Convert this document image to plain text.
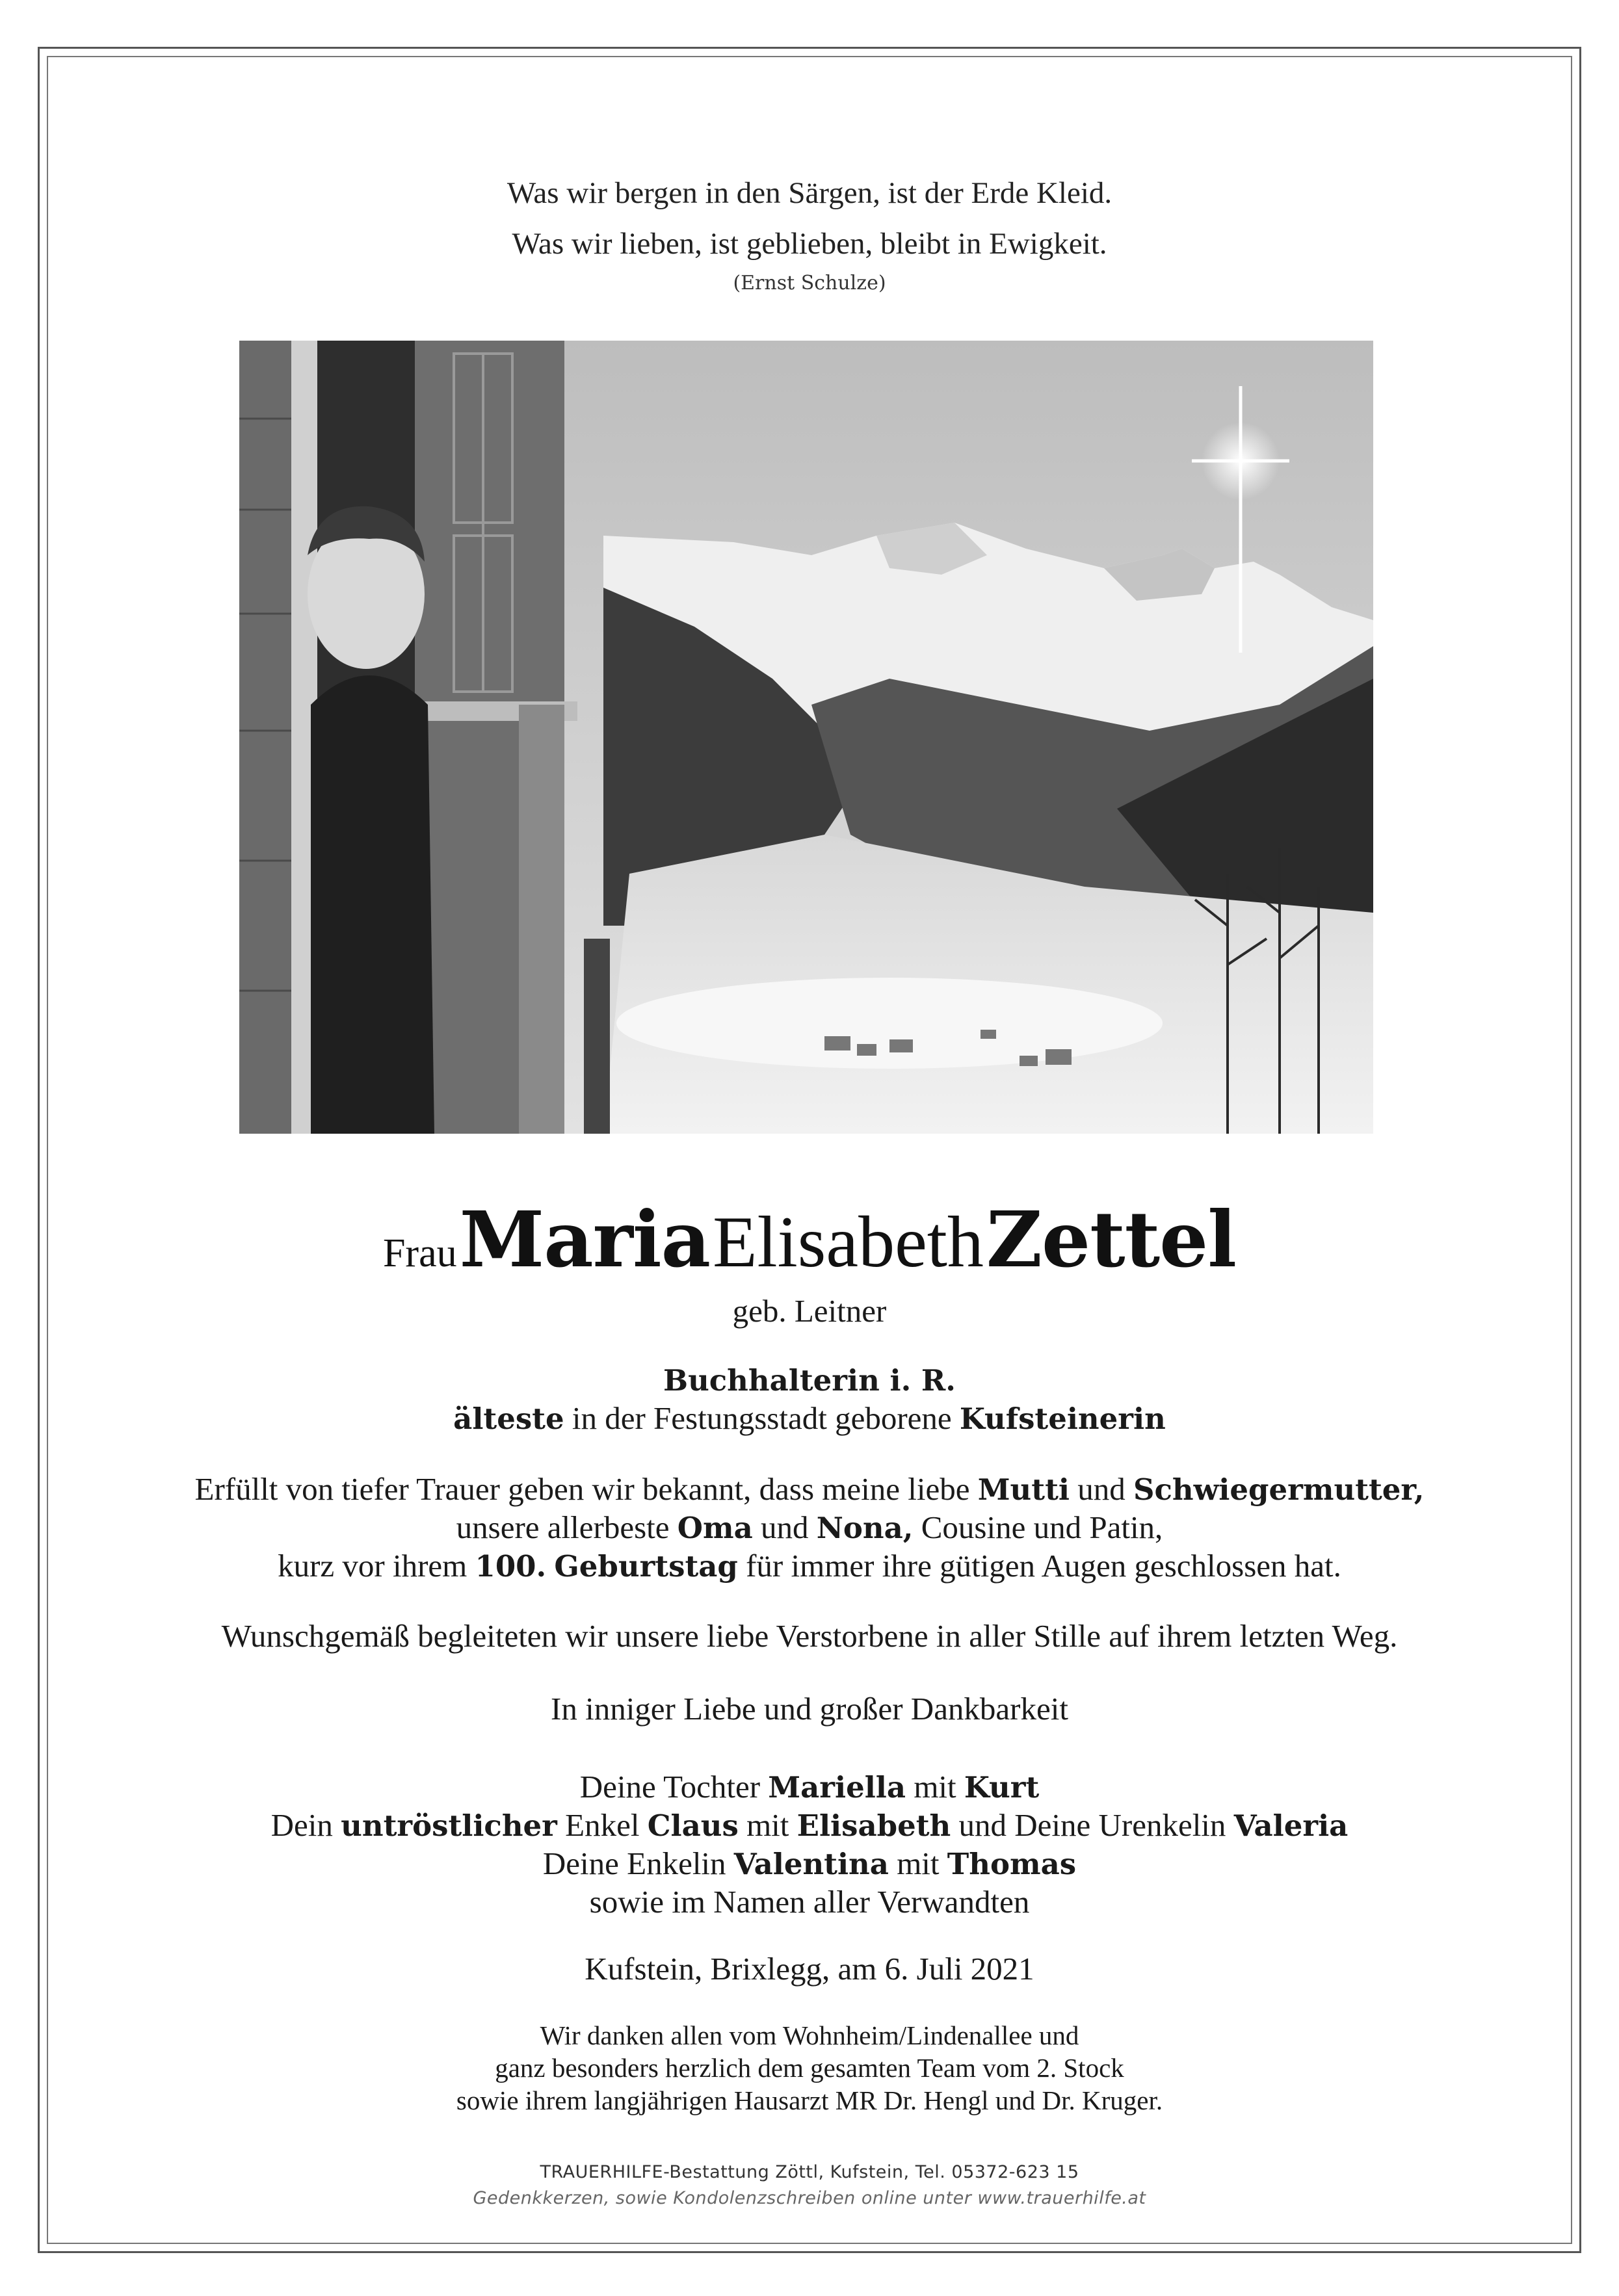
Was wir bergen in den Särgen, ist der Erde Kleid.
Was wir lieben, ist geblieben, bleibt in Ewigkeit.
(Ernst Schulze)
Frau Maria Elisabeth Zettel
geb. Leitner
Buchhalterin i. R.
älteste in der Festungsstadt geborene Kufsteinerin
Erfüllt von tiefer Trauer geben wir bekannt, dass meine liebe Mutti und Schwiegermutter,
unsere allerbeste Oma und Nona, Cousine und Patin,
kurz vor ihrem 100. Geburtstag für immer ihre gütigen Augen geschlossen hat.
Wunschgemäß begleiteten wir unsere liebe Verstorbene in aller Stille auf ihrem letzten Weg.
In inniger Liebe und großer Dankbarkeit
Deine Tochter Mariella mit Kurt
Dein untröstlicher Enkel Claus mit Elisabeth und Deine Urenkelin Valeria
Deine Enkelin Valentina mit Thomas
sowie im Namen aller Verwandten
Kufstein, Brixlegg, am 6. Juli 2021
Wir danken allen vom Wohnheim/Lindenallee und
ganz besonders herzlich dem gesamten Team vom 2. Stock
sowie ihrem langjährigen Hausarzt MR Dr. Hengl und Dr. Kruger.
TRAUERHILFE-Bestattung Zöttl, Kufstein, Tel. 05372-623 15
Gedenkkerzen, sowie Kondolenzschreiben online unter www.trauerhilfe.at
